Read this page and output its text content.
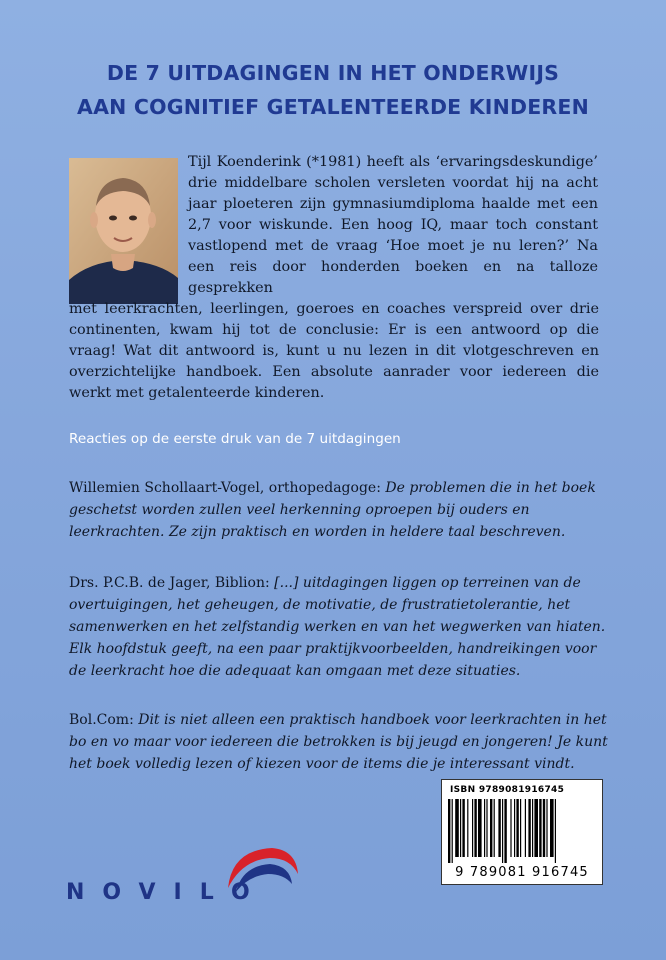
DE 7 UITDAGINGEN IN HET ONDERWIJS
AAN COGNITIEF GETALENTEERDE KINDEREN

Tijl Koenderink (*1981) heeft als ‘ervaringsdeskundige’ drie middelbare scholen versleten voordat hij na acht jaar ploeteren zijn gymnasiumdiploma haalde met een 2,7 voor wiskunde. Een hoog IQ, maar toch constant vastlopend met de vraag ‘Hoe moet je nu leren?’ Na een reis door honderden boeken en na talloze gesprekken

met leerkrachten, leerlingen, goeroes en coaches verspreid over drie continenten, kwam hij tot de conclusie: Er is een antwoord op die vraag! Wat dit antwoord is, kunt u nu lezen in dit vlotgeschreven en overzichtelijke handboek. Een absolute aanrader voor iedereen die werkt met getalenteerde kinderen.

Reacties op de eerste druk van de 7 uitdagingen

Willemien Schollaart-Vogel, orthopedagoge: De problemen die in het boek geschetst worden zullen veel herkenning oproepen bij ouders en leerkrachten. Ze zijn praktisch en worden in heldere taal beschreven.

Drs. P.C.B. de Jager, Biblion: [...] uitdagingen liggen op terreinen van de overtuigingen, het geheugen, de motivatie, de frustratietolerantie, het samenwerken en het zelfstandig werken en van het wegwerken van hiaten. Elk hoofdstuk geeft, na een paar praktijkvoorbeelden, handreikingen voor de leerkracht hoe die adequaat kan omgaan met deze situaties.

Bol.Com: Dit is niet alleen een praktisch handboek voor leerkrachten in het bo en vo maar voor iedereen die betrokken is bij jeugd en jongeren! Je kunt het boek volledig lezen of kiezen voor de items die je interessant vindt.

ISBN 9789081916745
9 789081 916745
NOVILO
